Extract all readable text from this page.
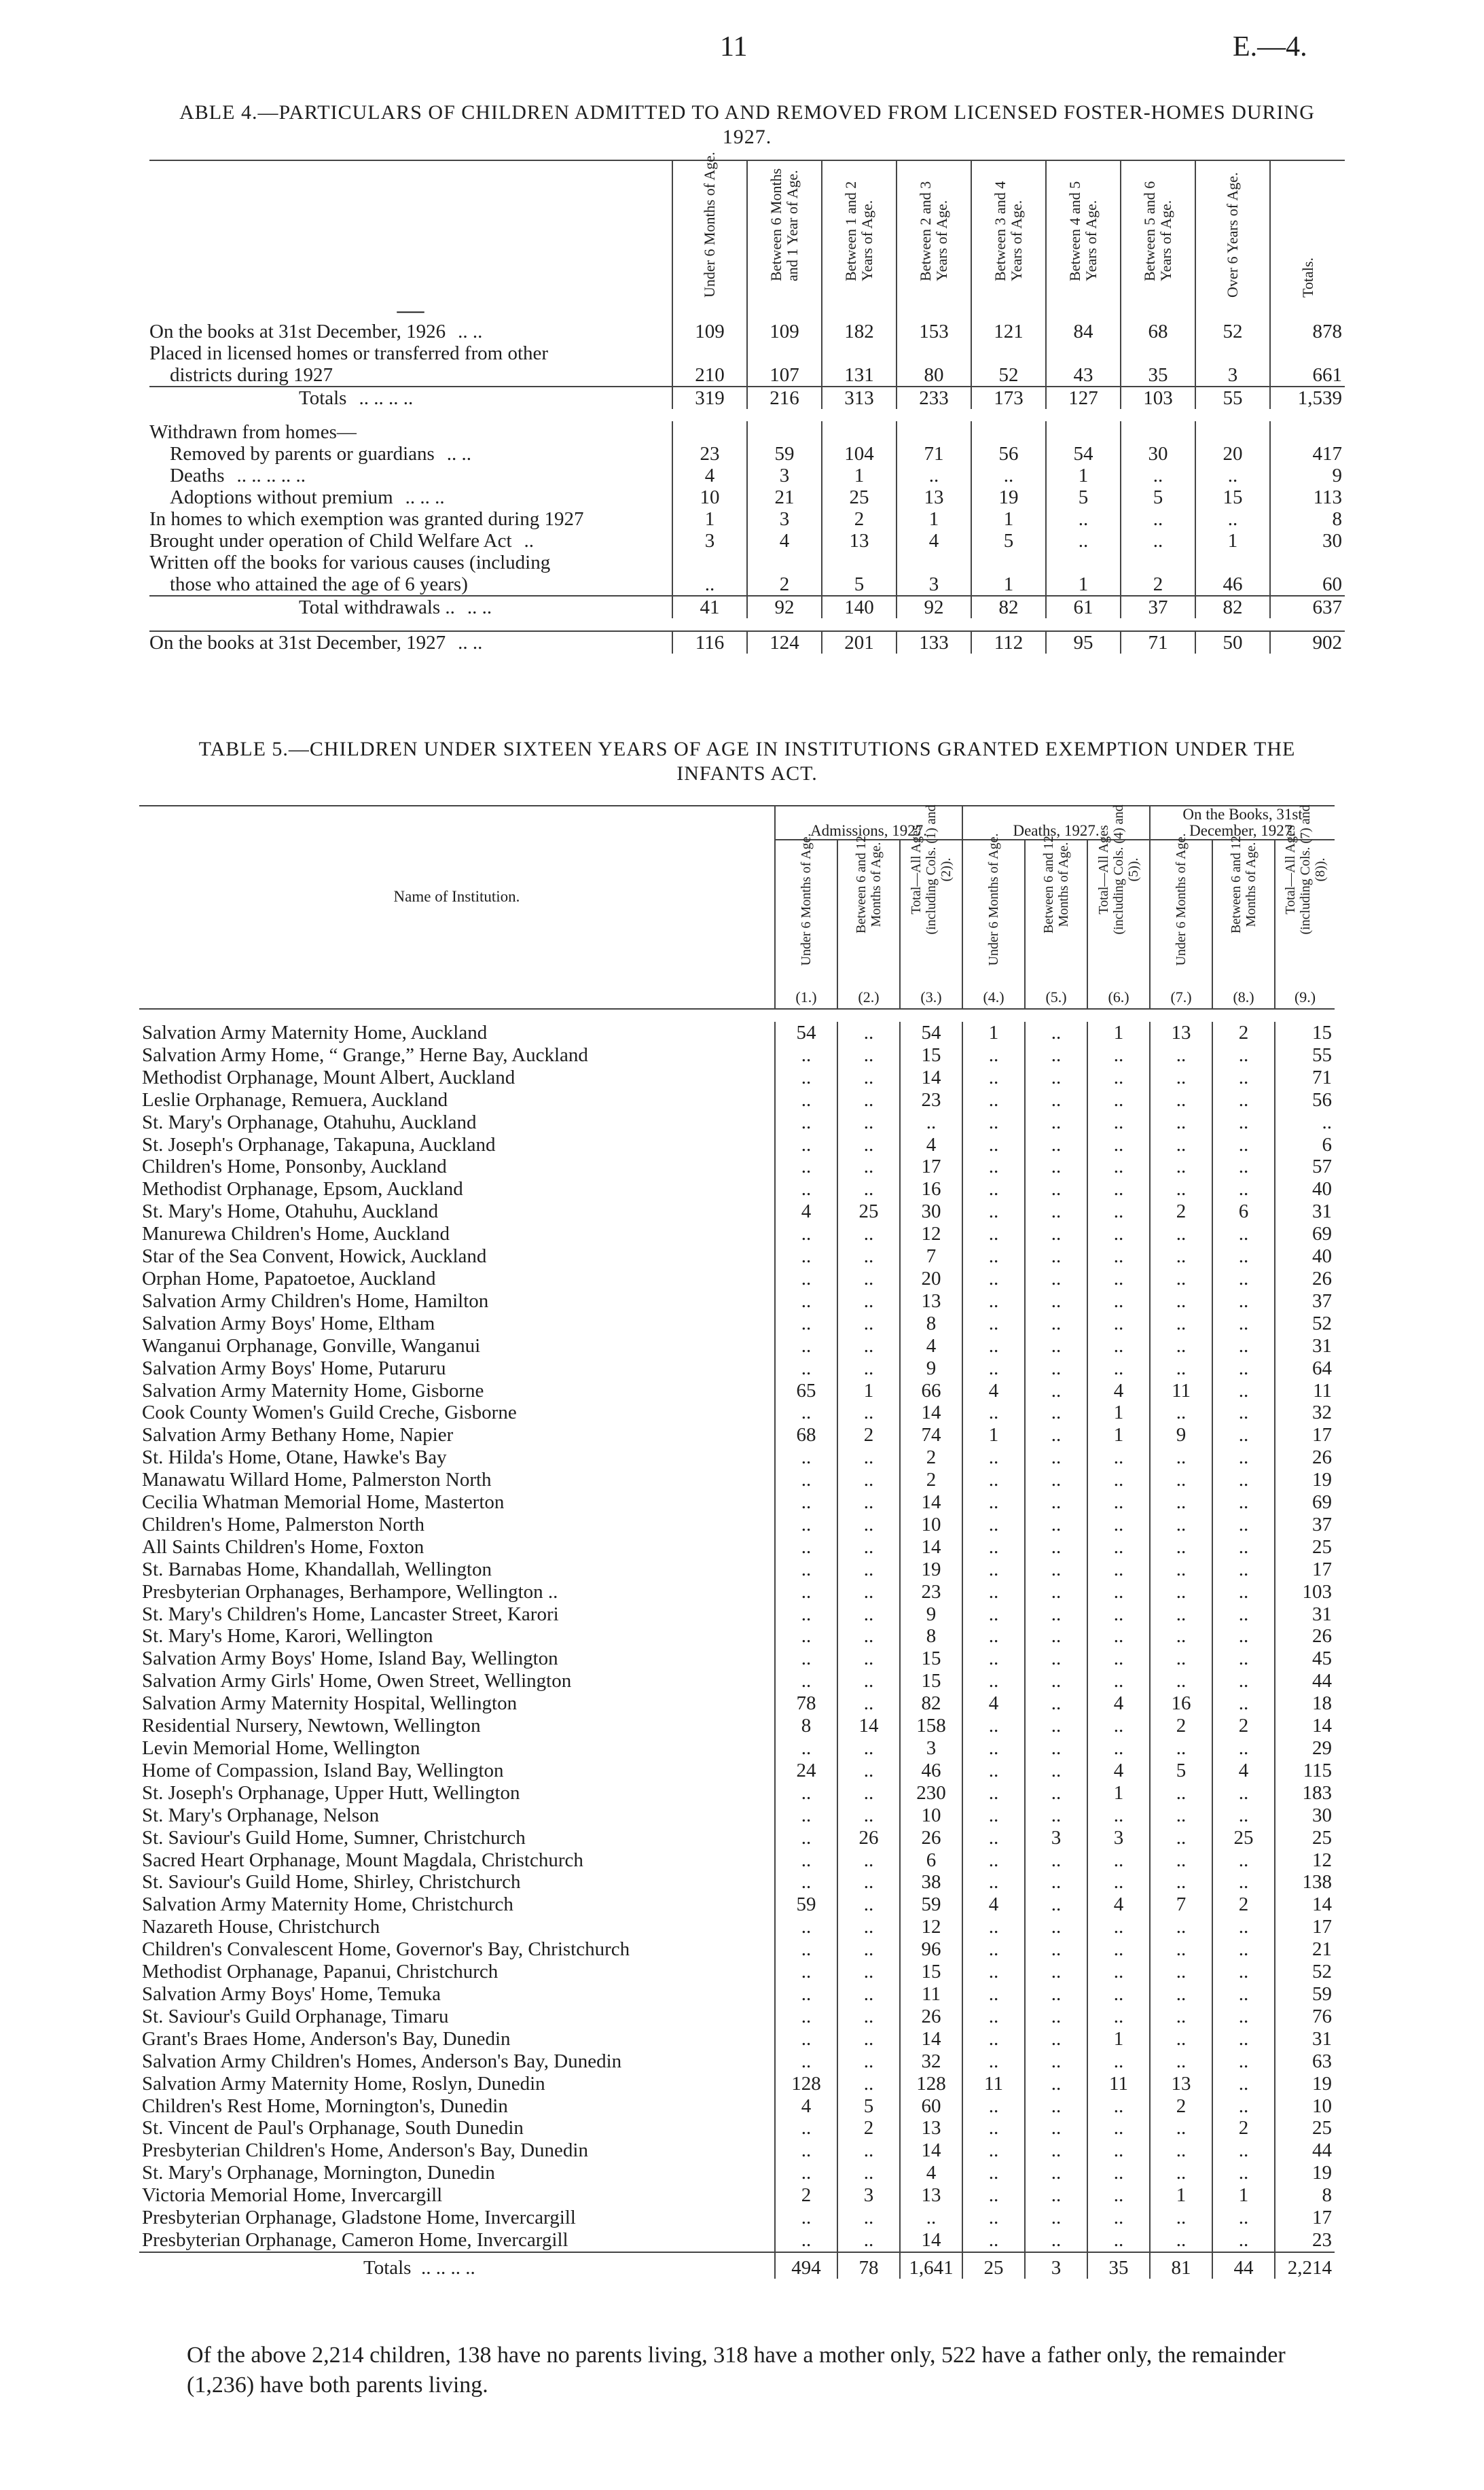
11	E.—4.
ABLE 4.—PARTICULARS OF CHILDREN ADMITTED TO AND REMOVED FROM LICENSED FOSTER-HOMES DURING 1927.
—	Under 6 Months of Age.	Between 6 Months and 1 Year of Age.	Between 1 and 2 Years of Age.	Between 2 and 3 Years of Age.	Between 3 and 4 Years of Age.	Between 4 and 5 Years of Age.	Between 5 and 6 Years of Age.	Over 6 Years of Age.	Totals.

On the books at 31st December, 1926 .. ..	109	109	182	153	121	84	68	52	878
Placed in licensed homes or transferred from other
districts during 1927	210	107	131	80	52	43	35	3	661
Totals .. .. .. ..	319	216	313	233	173	127	103	55	1,539

Withdrawn from homes—									
Removed by parents or guardians .. ..	23	59	104	71	56	54	30	20	417
Deaths .. .. .. .. ..	4	3	1	..	..	1	..	..	9
Adoptions without premium .. .. ..	10	21	25	13	19	5	5	15	113
In homes to which exemption was granted during 1927	1	3	2	1	1	..	..	..	8
Brought under operation of Child Welfare Act ..	3	4	13	4	5	..	..	1	30
Written off the books for various causes (including
those who attained the age of 6 years)	..	2	5	3	1	1	2	46	60
Total withdrawals .. .. ..	41	92	140	92	82	61	37	82	637

On the books at 31st December, 1927 .. ..	116	124	201	133	112	95	71	50	902
TABLE 5.—CHILDREN UNDER SIXTEEN YEARS OF AGE IN INSTITUTIONS GRANTED EXEMPTION UNDER THE INFANTS ACT.
Name of Institution.	Admissions, 1927.			Deaths, 1927.			On the Books, 31st December, 1927.		

	Under 6 Months of Age.	Between 6 and 12 Months of Age.	Total—All Ages (including Cols. (1) and (2)).	Under 6 Months of Age.	Between 6 and 12 Months of Age.	Total—All Ages (including Cols. (4) and (5)).	Under 6 Months of Age.	Between 6 and 12 Months of Age.	Total—All Ages (including Cols. (7) and (8)).

	(1.)	(2.)	(3.)	(4.)	(5.)	(6.)	(7.)	(8.)	(9.)

Salvation Army Maternity Home, Auckland	54	..	54	1	..	1	13	2	15
Salvation Army Home, “ Grange,” Herne Bay, Auckland	..	..	15	..	..	..	..	..	55
Methodist Orphanage, Mount Albert, Auckland	..	..	14	..	..	..	..	..	71
Leslie Orphanage, Remuera, Auckland	..	..	23	..	..	..	..	..	56
St. Mary's Orphanage, Otahuhu, Auckland	..	..	..	..	..	..	..	..	..
St. Joseph's Orphanage, Takapuna, Auckland	..	..	4	..	..	..	..	..	6
Children's Home, Ponsonby, Auckland	..	..	17	..	..	..	..	..	57
Methodist Orphanage, Epsom, Auckland	..	..	16	..	..	..	..	..	40
St. Mary's Home, Otahuhu, Auckland	4	25	30	..	..	..	2	6	31
Manurewa Children's Home, Auckland	..	..	12	..	..	..	..	..	69
Star of the Sea Convent, Howick, Auckland	..	..	7	..	..	..	..	..	40
Orphan Home, Papatoetoe, Auckland	..	..	20	..	..	..	..	..	26
Salvation Army Children's Home, Hamilton	..	..	13	..	..	..	..	..	37
Salvation Army Boys' Home, Eltham	..	..	8	..	..	..	..	..	52
Wanganui Orphanage, Gonville, Wanganui	..	..	4	..	..	..	..	..	31
Salvation Army Boys' Home, Putaruru	..	..	9	..	..	..	..	..	64
Salvation Army Maternity Home, Gisborne	65	1	66	4	..	4	11	..	11
Cook County Women's Guild Creche, Gisborne	..	..	14	..	..	1	..	..	32
Salvation Army Bethany Home, Napier	68	2	74	1	..	1	9	..	17
St. Hilda's Home, Otane, Hawke's Bay	..	..	2	..	..	..	..	..	26
Manawatu Willard Home, Palmerston North	..	..	2	..	..	..	..	..	19
Cecilia Whatman Memorial Home, Masterton	..	..	14	..	..	..	..	..	69
Children's Home, Palmerston North	..	..	10	..	..	..	..	..	37
All Saints Children's Home, Foxton	..	..	14	..	..	..	..	..	25
St. Barnabas Home, Khandallah, Wellington	..	..	19	..	..	..	..	..	17
Presbyterian Orphanages, Berhampore, Wellington ..	..	..	23	..	..	..	..	..	103
St. Mary's Children's Home, Lancaster Street, Karori	..	..	9	..	..	..	..	..	31
St. Mary's Home, Karori, Wellington	..	..	8	..	..	..	..	..	26
Salvation Army Boys' Home, Island Bay, Wellington	..	..	15	..	..	..	..	..	45
Salvation Army Girls' Home, Owen Street, Wellington	..	..	15	..	..	..	..	..	44
Salvation Army Maternity Hospital, Wellington	78	..	82	4	..	4	16	..	18
Residential Nursery, Newtown, Wellington	8	14	158	..	..	..	2	2	14
Levin Memorial Home, Wellington	..	..	3	..	..	..	..	..	29
Home of Compassion, Island Bay, Wellington	24	..	46	..	..	4	5	4	115
St. Joseph's Orphanage, Upper Hutt, Wellington	..	..	230	..	..	1	..	..	183
St. Mary's Orphanage, Nelson	..	..	10	..	..	..	..	..	30
St. Saviour's Guild Home, Sumner, Christchurch	..	26	26	..	3	3	..	25	25
Sacred Heart Orphanage, Mount Magdala, Christchurch	..	..	6	..	..	..	..	..	12
St. Saviour's Guild Home, Shirley, Christchurch	..	..	38	..	..	..	..	..	138
Salvation Army Maternity Home, Christchurch	59	..	59	4	..	4	7	2	14
Nazareth House, Christchurch	..	..	12	..	..	..	..	..	17
Children's Convalescent Home, Governor's Bay, Christchurch	..	..	96	..	..	..	..	..	21
Methodist Orphanage, Papanui, Christchurch	..	..	15	..	..	..	..	..	52
Salvation Army Boys' Home, Temuka	..	..	11	..	..	..	..	..	59
St. Saviour's Guild Orphanage, Timaru	..	..	26	..	..	..	..	..	76
Grant's Braes Home, Anderson's Bay, Dunedin	..	..	14	..	..	1	..	..	31
Salvation Army Children's Homes, Anderson's Bay, Dunedin	..	..	32	..	..	..	..	..	63
Salvation Army Maternity Home, Roslyn, Dunedin	128	..	128	11	..	11	13	..	19
Children's Rest Home, Mornington's, Dunedin	4	5	60	..	..	..	2	..	10
St. Vincent de Paul's Orphanage, South Dunedin	..	2	13	..	..	..	..	2	25
Presbyterian Children's Home, Anderson's Bay, Dunedin	..	..	14	..	..	..	..	..	44
St. Mary's Orphanage, Mornington, Dunedin	..	..	4	..	..	..	..	..	19
Victoria Memorial Home, Invercargill	2	3	13	..	..	..	1	1	8
Presbyterian Orphanage, Gladstone Home, Invercargill	..	..	..	..	..	..	..	..	17
Presbyterian Orphanage, Cameron Home, Invercargill	..	..	14	..	..	..	..	..	23
Totals .. .. .. ..	494	78	1,641	25	3	35	81	44	2,214
Of the above 2,214 children, 138 have no parents living, 318 have a mother only, 522 have a father only, the remainder (1,236) have both parents living.
